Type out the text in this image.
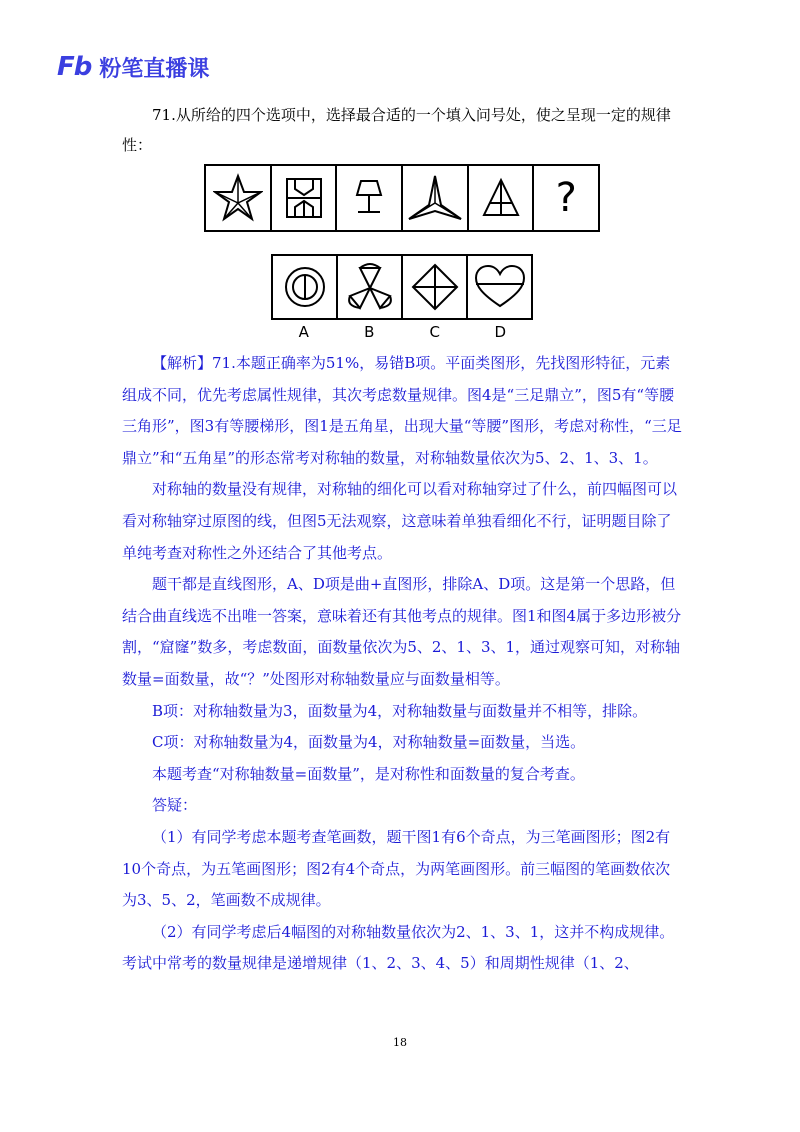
Fb 粉笔直播课
71.从所给的四个选项中，选择最合适的一个填入问号处，使之呈现一定的规律性：
?
A	B	C	D

【解析】71.本题正确率为51%，易错B项。平面类图形，先找图形特征，元素组成不同，优先考虑属性规律，其次考虑数量规律。图4是“三足鼎立”，图5有“等腰三角形”，图3有等腰梯形，图1是五角星，出现大量“等腰”图形，考虑对称性，“三足鼎立”和“五角星”的形态常考对称轴的数量，对称轴数量依次为5、2、1、3、1。

对称轴的数量没有规律，对称轴的细化可以看对称轴穿过了什么，前四幅图可以看对称轴穿过原图的线，但图5无法观察，这意味着单独看细化不行，证明题目除了单纯考查对称性之外还结合了其他考点。

题干都是直线图形，A、D项是曲+直图形，排除A、D项。这是第一个思路，但结合曲直线选不出唯一答案，意味着还有其他考点的规律。图1和图4属于多边形被分割，“窟窿”数多，考虑数面，面数量依次为5、2、1、3、1，通过观察可知，对称轴数量=面数量，故“？”处图形对称轴数量应与面数量相等。

B项：对称轴数量为3，面数量为4，对称轴数量与面数量并不相等，排除。

C项：对称轴数量为4，面数量为4，对称轴数量=面数量，当选。

本题考查“对称轴数量=面数量”，是对称性和面数量的复合考查。

答疑：

（1）有同学考虑本题考查笔画数，题干图1有6个奇点，为三笔画图形；图2有10个奇点，为五笔画图形；图2有4个奇点，为两笔画图形。前三幅图的笔画数依次为3、5、2，笔画数不成规律。

（2）有同学考虑后4幅图的对称轴数量依次为2、1、3、1，这并不构成规律。考试中常考的数量规律是递增规律（1、2、3、4、5）和周期性规律（1、2、

18
